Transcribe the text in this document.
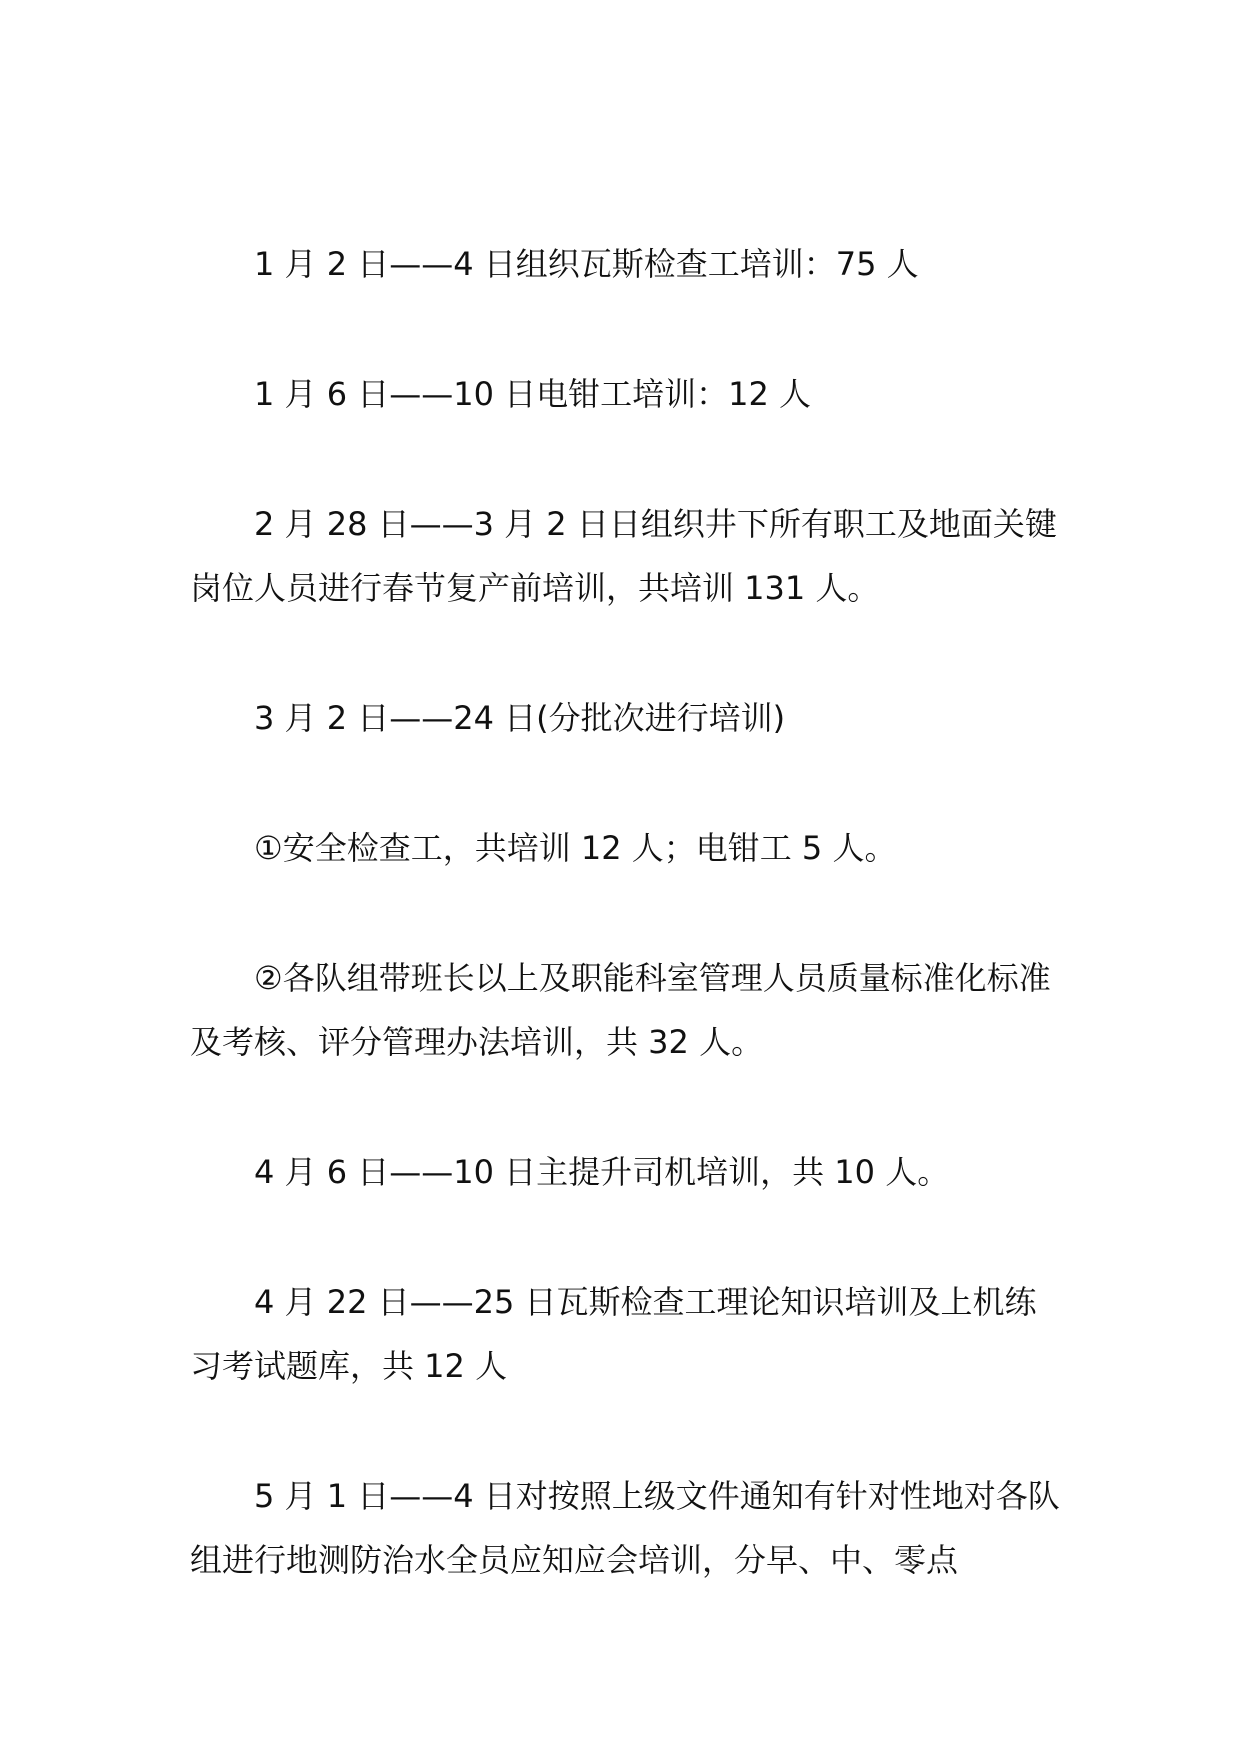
1 月 2 日——4 日组织瓦斯检查工培训：75 人

1 月 6 日——10 日电钳工培训：12 人

2 月 28 日——3 月 2 日日组织井下所有职工及地面关键岗位人员进行春节复产前培训，共培训 131 人。

3 月 2 日——24 日(分批次进行培训)

①安全检查工，共培训 12 人；电钳工 5 人。

②各队组带班长以上及职能科室管理人员质量标准化标准及考核、评分管理办法培训，共 32 人。

4 月 6 日——10 日主提升司机培训，共 10 人。

4 月 22 日——25 日瓦斯检查工理论知识培训及上机练习考试题库，共 12 人

5 月 1 日——4 日对按照上级文件通知有针对性地对各队组进行地测防治水全员应知应会培训，分早、中、零点
